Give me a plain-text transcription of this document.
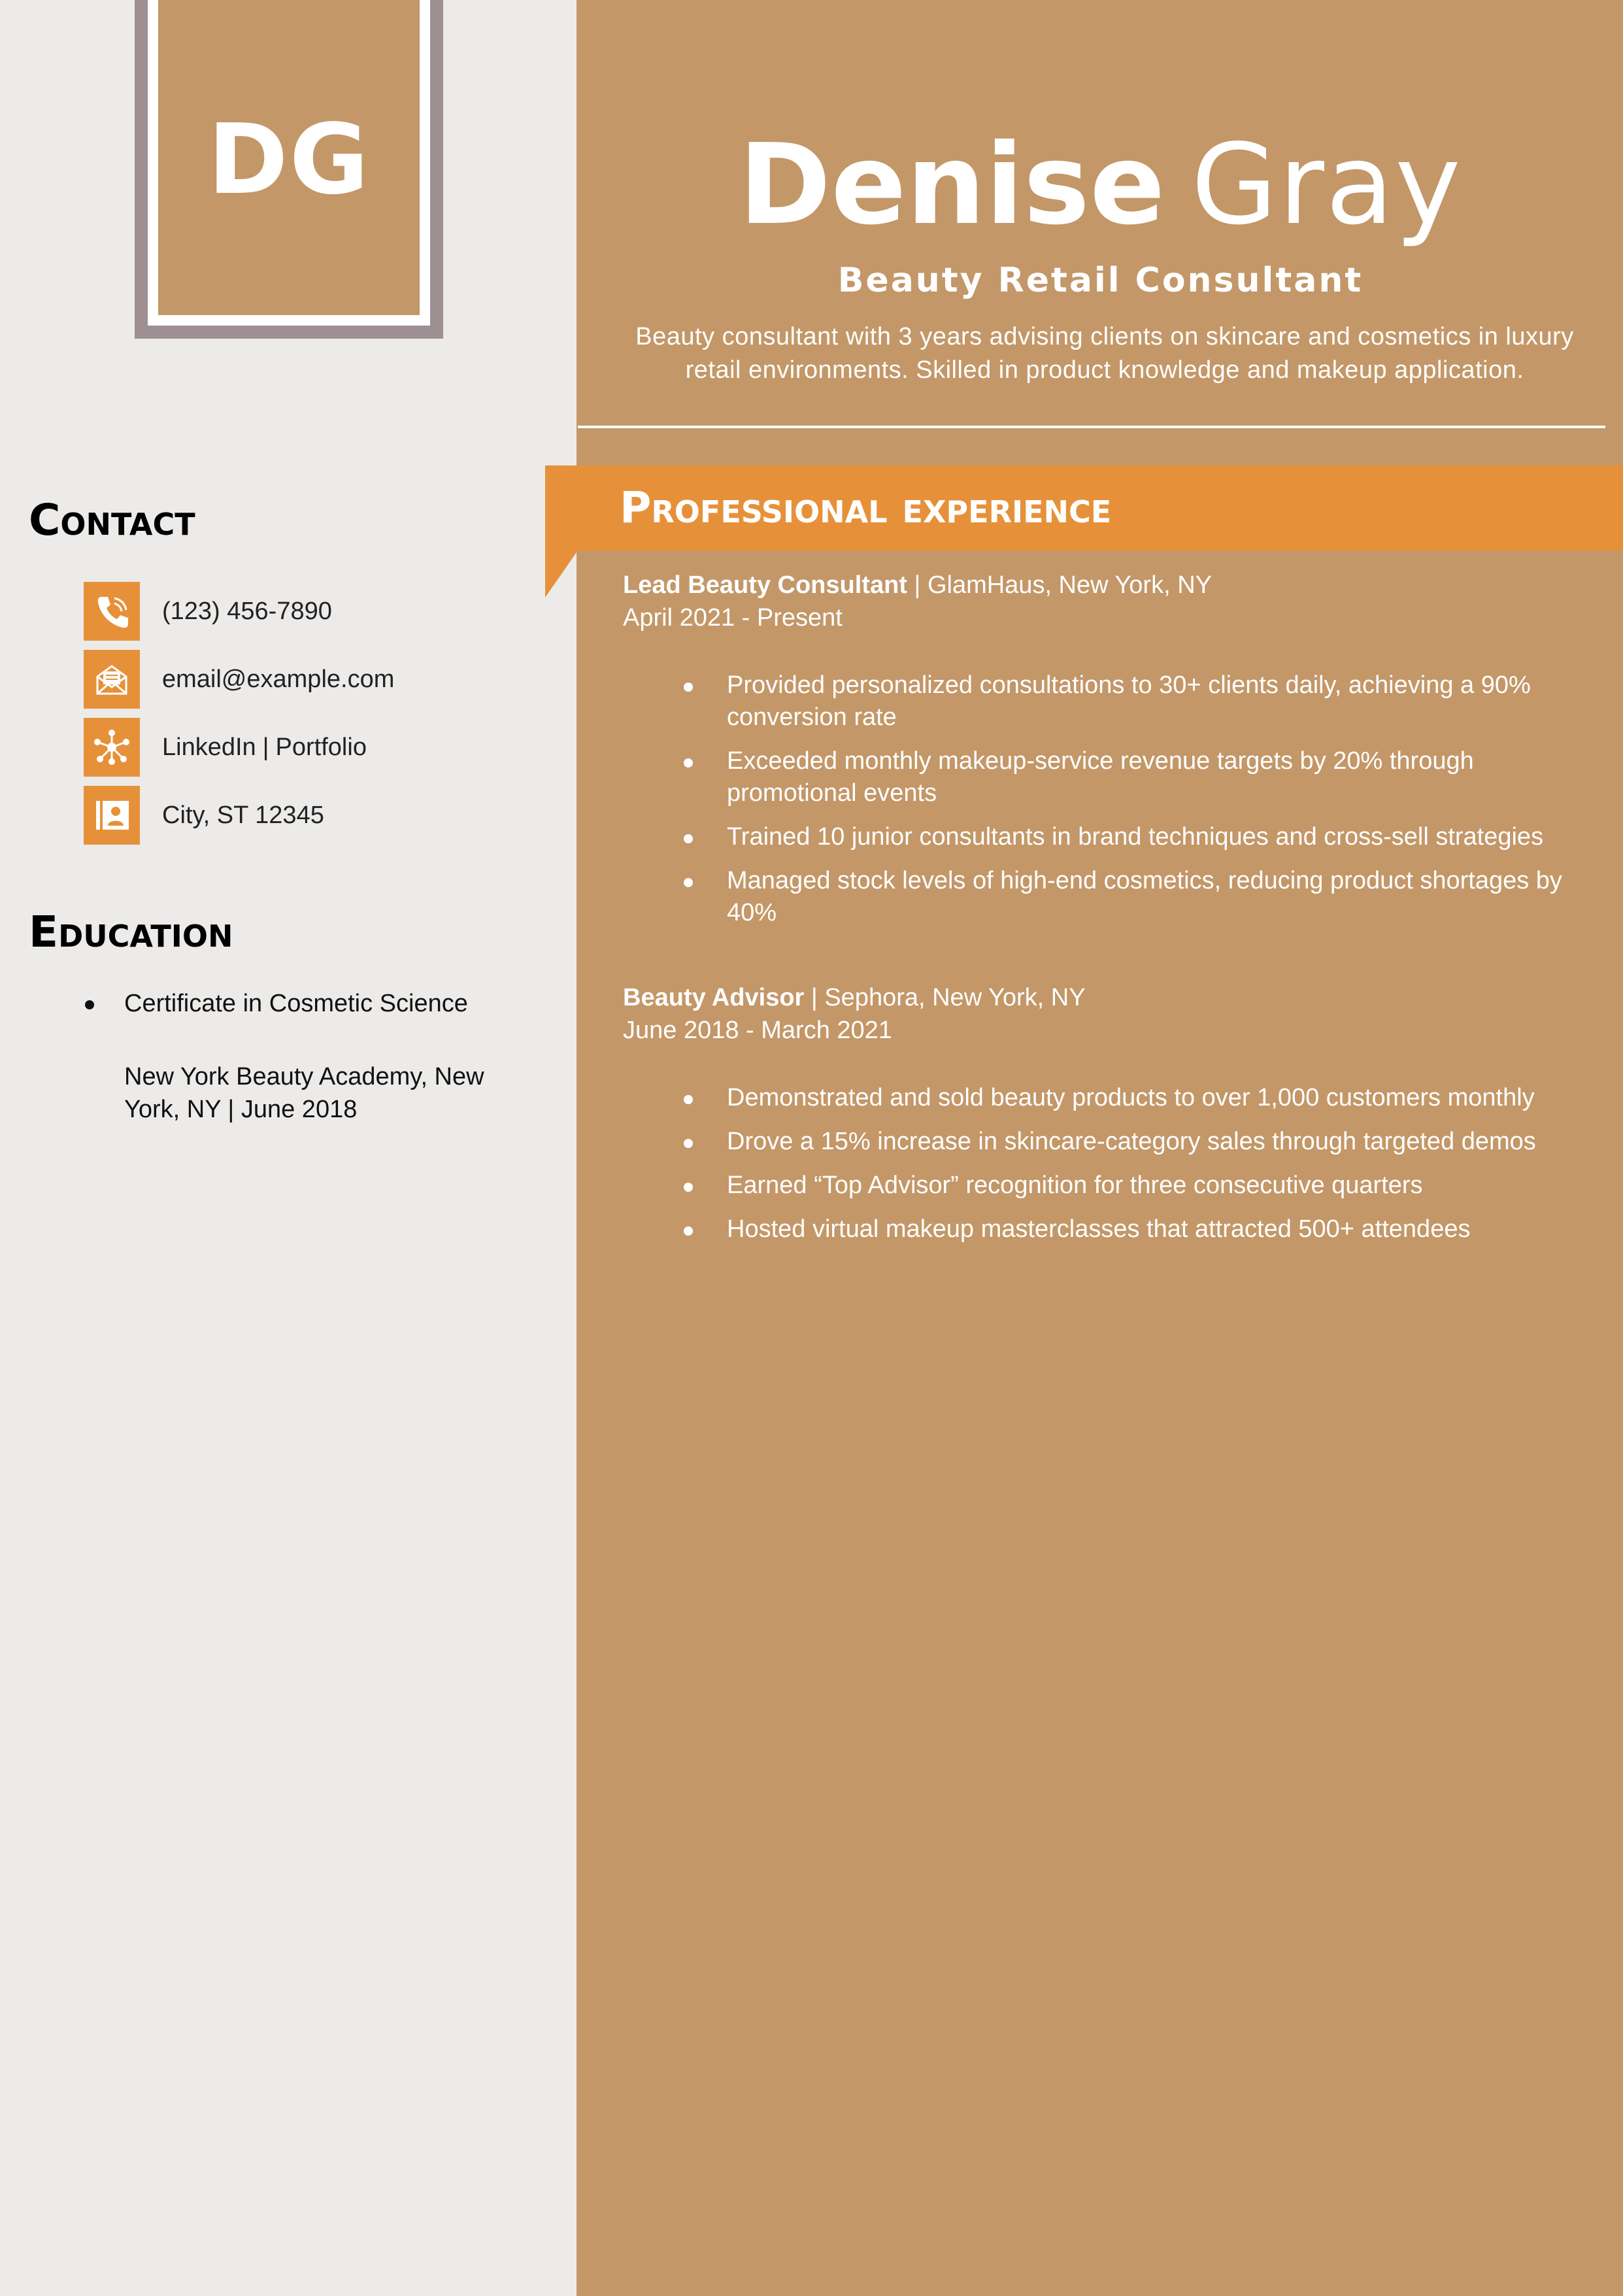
DG	Denise Gray
Beauty Retail Consultant
Beauty consultant with 3 years advising clients on skincare and cosmetics in luxury retail environments. Skilled in product knowledge and makeup application.
Professional experience
Lead Beauty Consultant | GlamHaus, New York, NY
April 2021 - Present
Provided personalized consultations to 30+ clients daily, achieving a 90% conversion rate
Exceeded monthly makeup-service revenue targets by 20% through promotional events
Trained 10 junior consultants in brand techniques and cross-sell strategies
Managed stock levels of high-end cosmetics, reducing product shortages by 40%
Beauty Advisor | Sephora, New York, NY
June 2018 - March 2021
Demonstrated and sold beauty products to over 1,000 customers monthly
Drove a 15% increase in skincare-category sales through targeted demos
Earned “Top Advisor” recognition for three consecutive quarters
Hosted virtual makeup masterclasses that attracted 500+ attendees
Contact
(123) 456-7890
email@example.com
LinkedIn | Portfolio
City, ST 12345
Education
Certificate in Cosmetic Science
New York Beauty Academy, New York, NY | June 2018
